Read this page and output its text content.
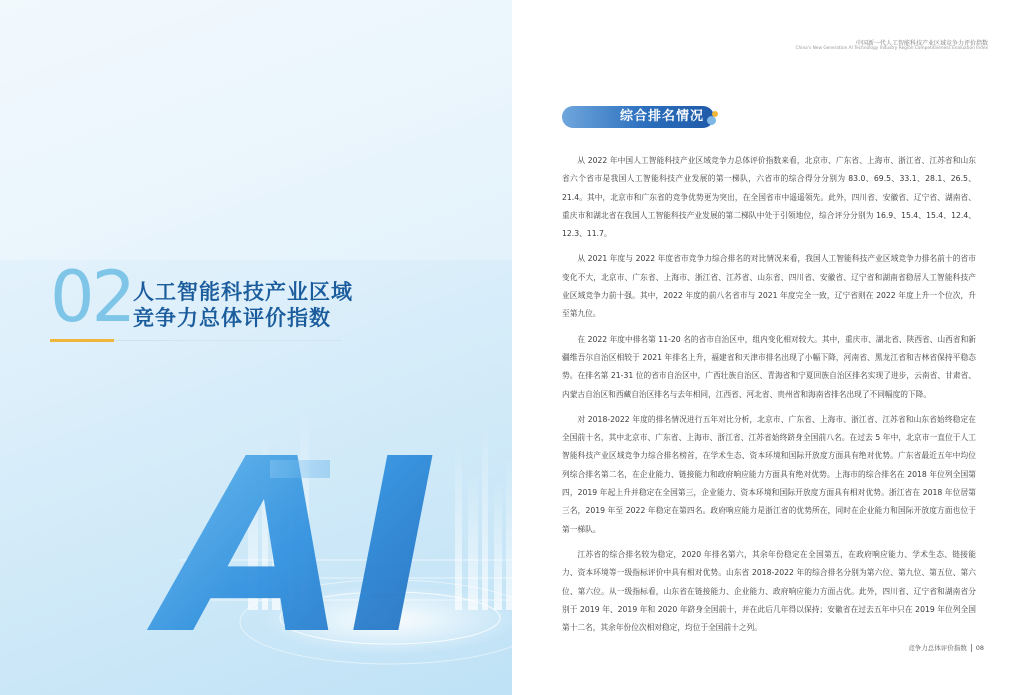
02 人工智能科技产业区域
竞争力总体评价指数
AI
中国新一代人工智能科技产业区域竞争力评价指数
China's New Generation AI Technology Industry Region Competitiveness Evaluation Index
综合排名情况

从 2022 年中国人工智能科技产业区域竞争力总体评价指数来看，北京市、广东省、上海市、浙江省、江苏省和山东省六个省市是我国人工智能科技产业发展的第一梯队，六省市的综合得分分别为 83.0、69.5、33.1、28.1、26.5、21.4。其中，北京市和广东省的竞争优势更为突出，在全国省市中遥遥领先。此外，四川省、安徽省、辽宁省、湖南省、重庆市和湖北省在我国人工智能科技产业发展的第二梯队中处于引领地位，综合评分分别为 16.9、15.4、15.4、12.4、12.3、11.7。

从 2021 年度与 2022 年度省市竞争力综合排名的对比情况来看，我国人工智能科技产业区域竞争力排名前十的省市变化不大，北京市、广东省、上海市、浙江省、江苏省、山东省、四川省、安徽省、辽宁省和湖南省稳居人工智能科技产业区域竞争力前十强。其中，2022 年度的前八名省市与 2021 年度完全一致，辽宁省则在 2022 年度上升一个位次，升至第九位。

在 2022 年度中排名第 11-20 名的省市自治区中，组内变化相对较大。其中，重庆市、湖北省、陕西省、山西省和新疆维吾尔自治区相较于 2021 年排名上升，福建省和天津市排名出现了小幅下降，河南省、黑龙江省和吉林省保持平稳态势。在排名第 21-31 位的省市自治区中，广西壮族自治区、青海省和宁夏回族自治区排名实现了进步，云南省、甘肃省、内蒙古自治区和西藏自治区排名与去年相同，江西省、河北省、贵州省和海南省排名出现了不同幅度的下降。

对 2018-2022 年度的排名情况进行五年对比分析，北京市、广东省、上海市、浙江省、江苏省和山东省始终稳定在全国前十名，其中北京市、广东省、上海市、浙江省、江苏省始终跻身全国前八名。在过去 5 年中，北京市一直位于人工智能科技产业区域竞争力综合排名榜首，在学术生态、资本环境和国际开放度方面具有绝对优势。广东省最近五年中均位列综合排名第二名，在企业能力、链接能力和政府响应能力方面具有绝对优势。上海市的综合排名在 2018 年位列全国第四，2019 年起上升并稳定在全国第三，企业能力、资本环境和国际开放度方面具有相对优势。浙江省在 2018 年位居第三名，2019 年至 2022 年稳定在第四名。政府响应能力是浙江省的优势所在，同时在企业能力和国际开放度方面也位于第一梯队。

江苏省的综合排名较为稳定，2020 年排名第六，其余年份稳定在全国第五，在政府响应能力、学术生态、链接能力、资本环境等一级指标评价中具有相对优势。山东省 2018-2022 年的综合排名分别为第六位、第九位、第五位、第六位、第六位。从一级指标看，山东省在链接能力、企业能力、政府响应能力方面占优。此外，四川省、辽宁省和湖南省分别于 2019 年、2019 年和 2020 年跻身全国前十，并在此后几年得以保持；安徽省在过去五年中只在 2019 年位列全国第十二名，其余年份位次相对稳定，均位于全国前十之列。

竞争力总体评价指数 08
